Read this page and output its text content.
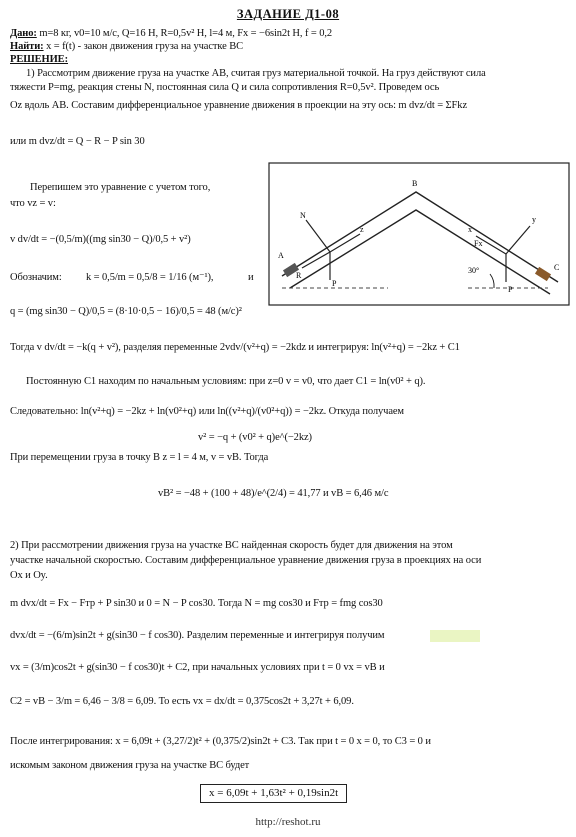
ЗАДАНИЕ Д1-08
Дано: m=8 кг, v0=10 м/с, Q=16 Н, R=0,5v² Н, l=4 м, Fx = −6sin2t Н, f = 0,2
Найти: x = f(t) - закон движения груза на участке ВС
РЕШЕНИЕ:
1) Рассмотрим движение груза на участке АВ, считая груз материальной точкой. На груз действуют сила
тяжести P=mg, реакция стены N, постоянная сила Q и сила сопротивления R=0,5v². Проведем ось
Oz вдоль АВ. Составим дифференциальное уравнение движения в проекции на эту ось: m dvz/dt = ΣFkz
или m dvz/dt = Q − R − P sin 30
Перепишем это уравнение с учетом того,
что vz = v:
v dv/dt = −(0,5/m)((mg sin30 − Q)/0,5 + v²)
Обозначим: k = 0,5/m = 0,5/8 = 1/16 (м⁻¹),	и
q = (mg sin30 − Q)/0,5 = (8·10·0,5 − 16)/0,5 = 48 (м/с)²
Тогда v dv/dt = −k(q + v²), разделяя переменные 2vdv/(v²+q) = −2kdz и интегрируя: ln(v²+q) = −2kz + C1
Постоянную C1 находим по начальным условиям: при z=0 v = v0, что дает C1 = ln(v0² + q).
Следовательно: ln(v²+q) = −2kz + ln(v0²+q) или ln((v²+q)/(v0²+q)) = −2kz. Откуда получаем
v² = −q + (v0² + q)e^(−2kz)
При перемещении груза в точку В z = l = 4 м, v = vB. Тогда
vB² = −48 + (100 + 48)/e^(2/4) = 41,77 и vB = 6,46 м/с
2) При рассмотрении движения груза на участке ВС найденная скорость будет для движения на этом
участке начальной скоростью. Составим дифференциальное уравнение движения груза в проекциях на оси
Ox и Oy.
m dvx/dt = Fx − Fтр + P sin30 и 0 = N − P cos30. Тогда N = mg cos30 и Fтр = fmg cos30
dvx/dt = −(6/m)sin2t + g(sin30 − f cos30). Разделим переменные и интегрируя получим
vx = (3/m)cos2t + g(sin30 − f cos30)t + C2, при начальных условиях при t = 0 vx = vB и
C2 = vB − 3/m = 6,46 − 3/8 = 6,09. То есть vx = dx/dt = 0,375cos2t + 3,27t + 6,09.
После интегрирования: x = 6,09t + (3,27/2)t² + (0,375/2)sin2t + C3. Так при t = 0 x = 0, то C3 = 0 и
искомым законом движения груза на участке ВС будет
x = 6,09t + 1,63t² + 0,19sin2t
http://reshot.ru
30°
A
B
C
N
P
z
R
y
P
x
Fx
